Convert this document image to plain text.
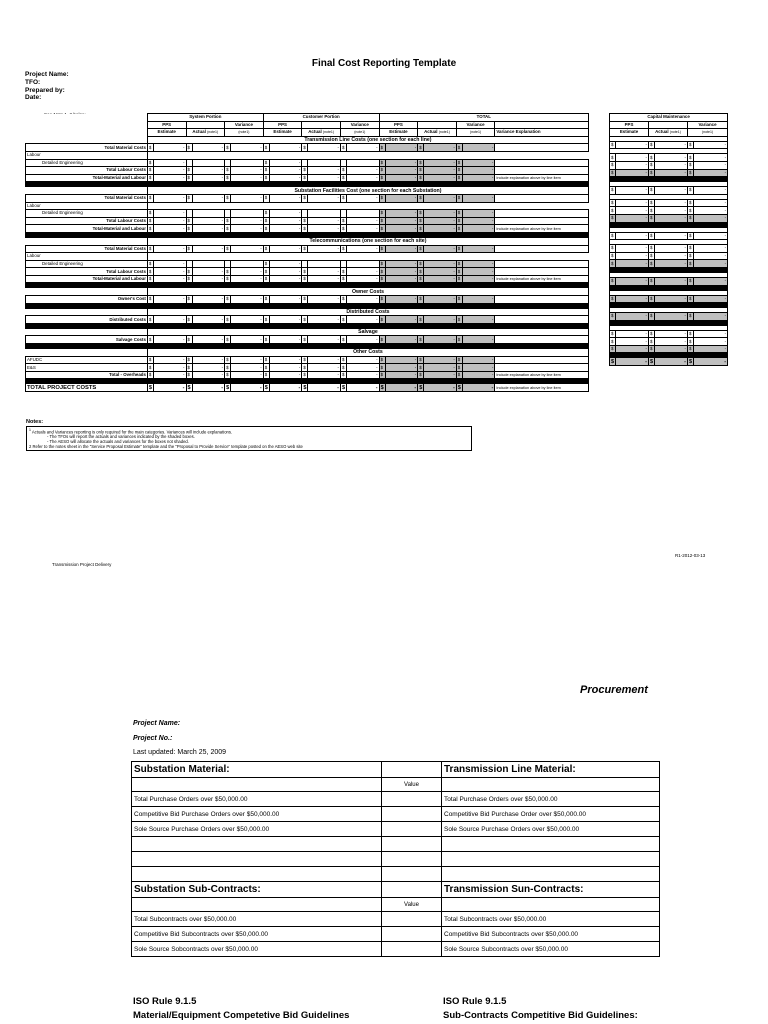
Final Cost Reporting Template
Project Name:
TFO:
Prepared by:
Date:
	System Portion						Customer Portion						TOTAL						
	PPS				Variance		PPS				Variance		PPS				Variance		
	Estimate		Actual (note1)		(note1)		Estimate		Actual (note1)		(note1)		Estimate		Actual (note1)		(note1)		Variance Explanation
	Transmission Line Costs (one section for each line)																		
Total Material Costs	$	-	$	-	$	-	$	-	$	-	$	-	$	-	$	-	$	-	
Labour																			
Detailed Engineering	$	-					$	-					$	-	$	-	$	-	
Total Labour Costs	$	-	$	-	$	-	$	-	$	-	$	-	$	-	$	-	$	-	
Total-Material and Labour	$	-	$	-	$	-	$	-	$	-	$	-	$	-	$	-	$	-	Include explanation above by line item

	Substation Facilities Cost (one section for each Substation)																		
Total Material Costs	$	-	$	-	$	-	$	-	$	-	$	-	$	-	$	-	$	-	
Labour																			
Detailed Engineering	$	-					$	-					$	-	$	-	$	-	
Total Labour Costs	$	-	$	-	$	-	$	-	$	-	$	-	$	-	$	-	$	-	
Total-Material and Labour	$	-	$	-	$	-	$	-	$	-	$	-	$	-	$	-	$	-	Include explanation above by line item

	Telecommunications (one section for each site)																		
Total Material Costs	$	-	$	-	$	-	$	-	$	-	$	-	$	-	$	-	$	-	
Labour																			
Detailed Engineering	$	-					$	-					$	-	$	-	$	-	
Total Labour Costs	$	-	$	-	$	-	$	-	$	-	$	-	$	-	$	-	$	-	
Total-Material and Labour	$	-	$	-	$	-	$	-	$	-	$	-	$	-	$	-	$	-	Include explanation above by line item

	Owner Costs																		
Owner's Cost	$	-	$	-	$	-	$	-	$	-	$	-	$	-	$	-	$	-	

	Distributed Costs																		
Distributed Costs	$	-	$	-	$	-	$	-	$	-	$	-	$	-	$	-	$	-	

	Salvage																		
Salvage Costs	$	-	$	-	$	-	$	-	$	-	$	-	$	-	$	-	$	-	

	Other Costs																		
AFUDC	$	-	$	-	$	-	$	-	$	-	$	-	$	-	$	-	$	-	
E&S	$	-	$	-	$	-	$	-	$	-	$	-	$	-	$	-	$	-	
Total - Overheads	$	-	$	-	$	-	$	-	$	-	$	-	$	-	$	-	$	-	Include explanation above by line item

TOTAL PROJECT COSTS	$	-	$	-	$	-	$	-	$	-	$	-	$	-	$	-	$	-	Include explanation above by line item
Capital Maintenance					
PPS				Variance	
Estimate		Actual (note1)		(note1)	

$	-	$	-	$	-

$	-	$	-	$	-
$	-	$	-	$	-
$	-	$	-	$	-

$	-	$	-	$	-

$	-	$	-	$	-
$	-	$	-	$	-
$	-	$	-	$	-

$	-	$	-	$	-

$	-	$	-	$	-
$	-	$	-	$	-
$	-	$	-	$	-

$	-	$	-	$	-

$	-	$	-	$	-

$	-	$	-	$	-

$	-	$	-	$	-
$	-	$	-	$	-
$	-	$	-	$	-

$	-	$	-	$	-
Notes:
$^1$ Actuals and Variances reporting is only required for the main categories. Variances will include explanations.
- The TFOs will report the actuals and variances indicated by the shaded boxes.
- The AESO will allocate the actuals and variances for the boxes not shaded.
2 Refer to the notes sheet in the "Service Proposal Estimate" template and the "Proposal to Provide Service" template posted on the AESO web site
Transmission Project Delivery
R1-2012-03-13
Procurement
Project Name:
Project No.:
Last updated: March 25, 2009
Substation Material:		Transmission Line Material:
	Value	
Total Purchase Orders over $50,000.00		Total Purchase Orders over $50,000.00
Competitive Bid Purchase Orders over $50,000.00		Competitive Bid Purchase Order over $50,000.00
Sole Source Purchase Orders over $50,000.00		Sole Source Purchase Orders over $50,000.00

Substation Sub-Contracts:		Transmission Sun-Contracts:
	Value	
Total Subcontracts over $50,000.00		Total Subcontracts over $50,000.00
Competitive Bid Subcontracts over $50,000.00		Competitive Bid Subcontracts over $50,000.00
Sole Source Sobcontracts over $50,000.00		Sole Source Subcontracts over $50,000.00
ISO Rule 9.1.5
Material/Equipment Competetive Bid Guidelines
ISO Rule 9.1.5
Sub-Contracts Competitive Bid Guidelines:
